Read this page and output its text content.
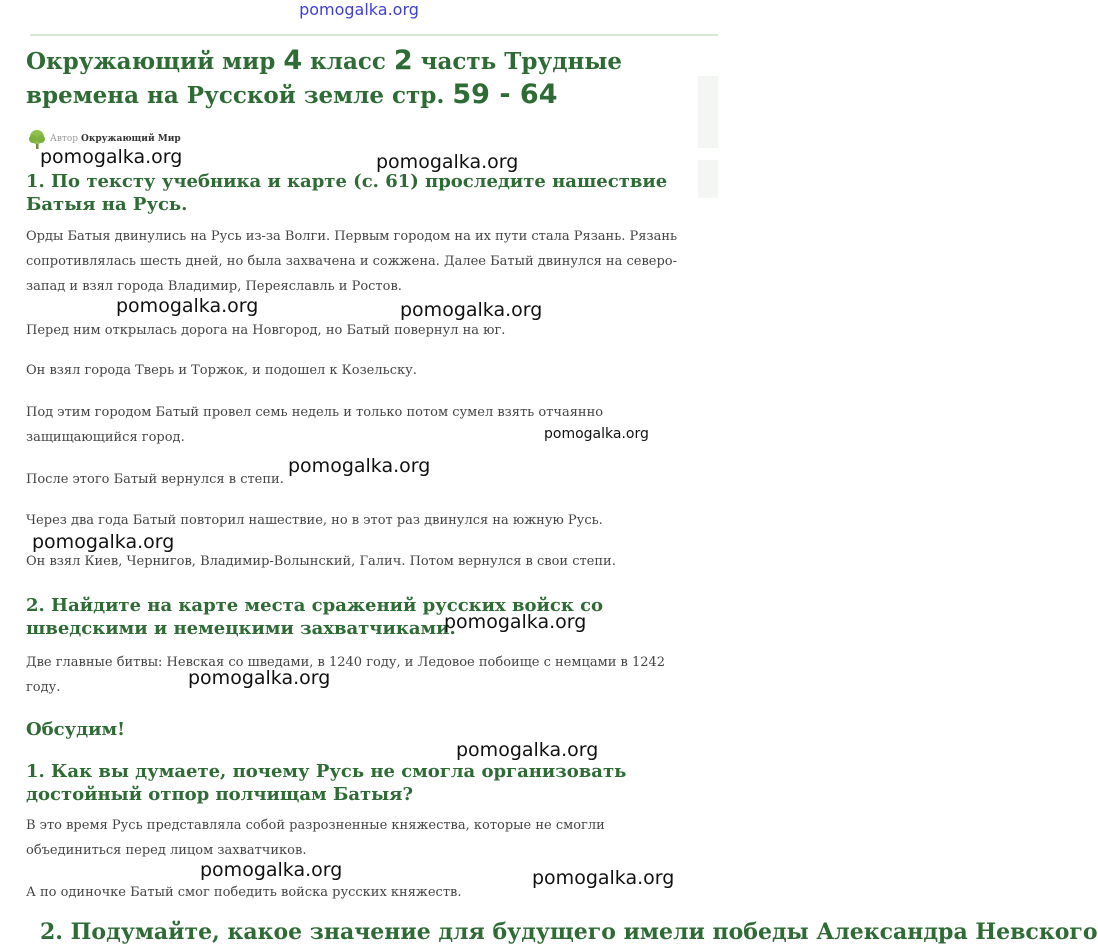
pomogalka.org
Окружающий мир 4 класс 2 часть Трудные времена на Русской земле стр. 59 - 64
Автор Окружающий Мир
1. По тексту учебника и карте (с. 61) проследите нашествие Батыя на Русь.

Орды Батыя двинулись на Русь из-за Волги. Первым городом на их пути стала Рязань. Рязань сопротивлялась шесть дней, но была захвачена и сожжена. Далее Батый двинулся на северо-запад и взял города Владимир, Переяславль и Ростов.

Перед ним открылась дорога на Новгород, но Батый повернул на юг.

Он взял города Тверь и Торжок, и подошел к Козельску.

Под этим городом Батый провел семь недель и только потом сумел взять отчаянно защищающийся город.

После этого Батый вернулся в степи.

Через два года Батый повторил нашествие, но в этот раз двинулся на южную Русь.

Он взял Киев, Чернигов, Владимир-Волынский, Галич. Потом вернулся в свои степи.

2. Найдите на карте места сражений русских войск со шведскими и немецкими захватчиками.

Две главные битвы: Невская со шведами, в 1240 году, и Ледовое побоище с немцами в 1242 году.

Обсудим!
1. Как вы думаете, почему Русь не смогла организовать достойный отпор полчищам Батыя?

В это время Русь представляла собой разрозненные княжества, которые не смогли объединиться перед лицом захватчиков.

А по одиночке Батый смог победить войска русских княжеств.

2. Подумайте, какое значение для будущего имели победы Александра Невского
pomogalka.org	pomogalka.org
pomogalka.org	pomogalka.org
pomogalka.org
pomogalka.org
pomogalka.org
pomogalka.org
pomogalka.org
pomogalka.org
pomogalka.org	pomogalka.org
